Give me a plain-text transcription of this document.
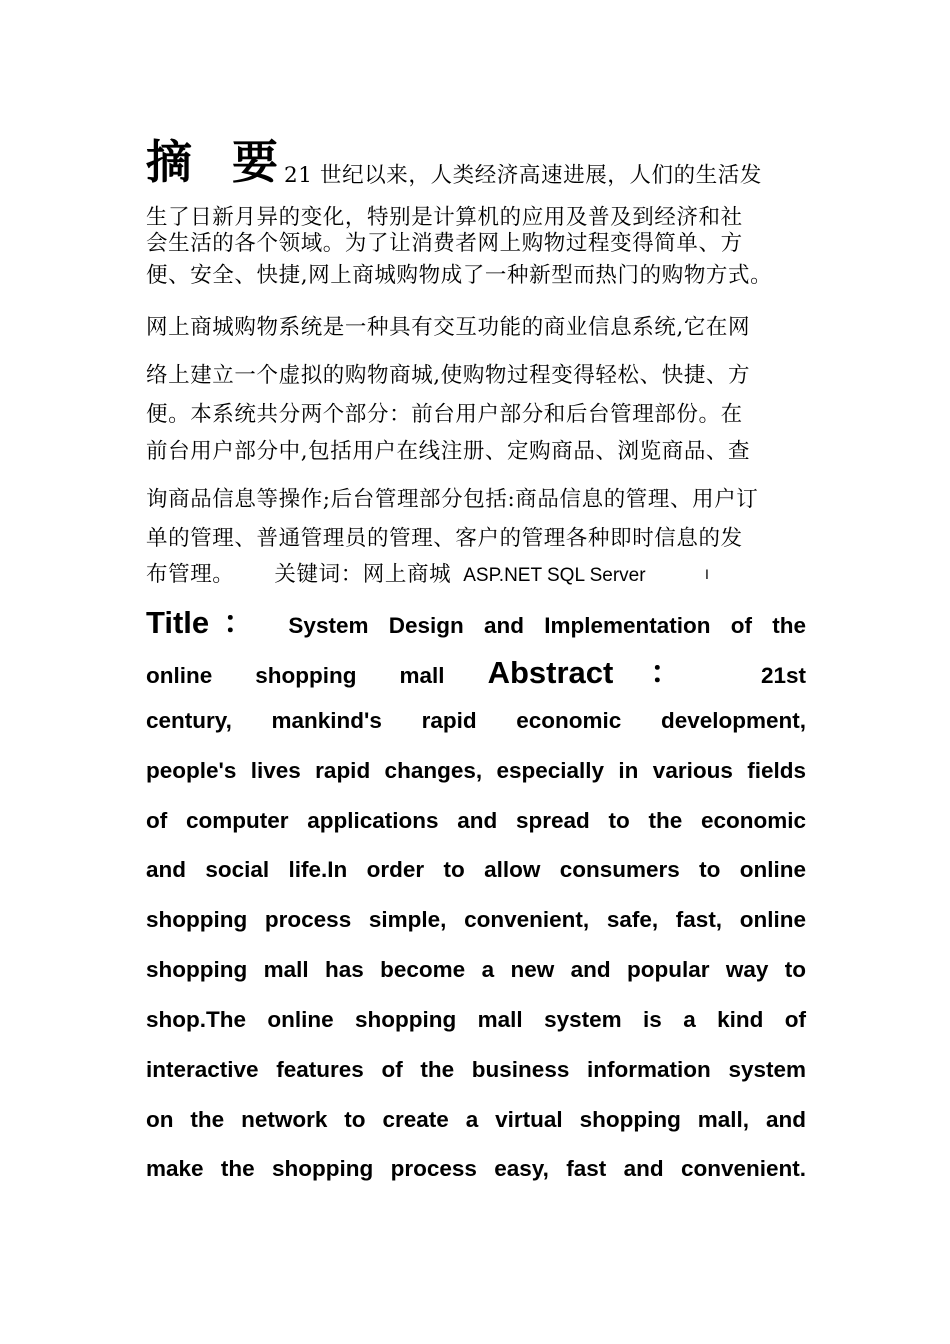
摘 要
21 世纪以来，人类经济高速进展，人们的生活发
生了日新月异的变化，特别是计算机的应用及普及到经济和社
会生活的各个领域。为了让消费者网上购物过程变得简单、方
便、安全、快捷,网上商城购物成了一种新型而热门的购物方式。
网上商城购物系统是一种具有交互功能的商业信息系统,它在网
络上建立一个虚拟的购物商城,使购物过程变得轻松、快捷、方
便。本系统共分两个部分：前台用户部分和后台管理部份。在
前台用户部分中,包括用户在线注册、定购商品、浏览商品、查
询商品信息等操作;后台管理部分包括:商品信息的管理、用户订
单的管理、普通管理员的管理、客户的管理各种即时信息的发
布管理。 关键词：网上商城 ASP.NET SQL Server	I
Title： System Design and Implementation of the
online shopping mall Abstract： 21st
century, mankind's rapid economic development,
people's lives rapid changes, especially in various fields
of computer applications and spread to the economic
and social life.In order to allow consumers to online
shopping process simple, convenient, safe, fast, online
shopping mall has become a new and popular way to
shop.The online shopping mall system is a kind of
interactive features of the business information system
on the network to create a virtual shopping mall, and
make the shopping process easy, fast and convenient.
